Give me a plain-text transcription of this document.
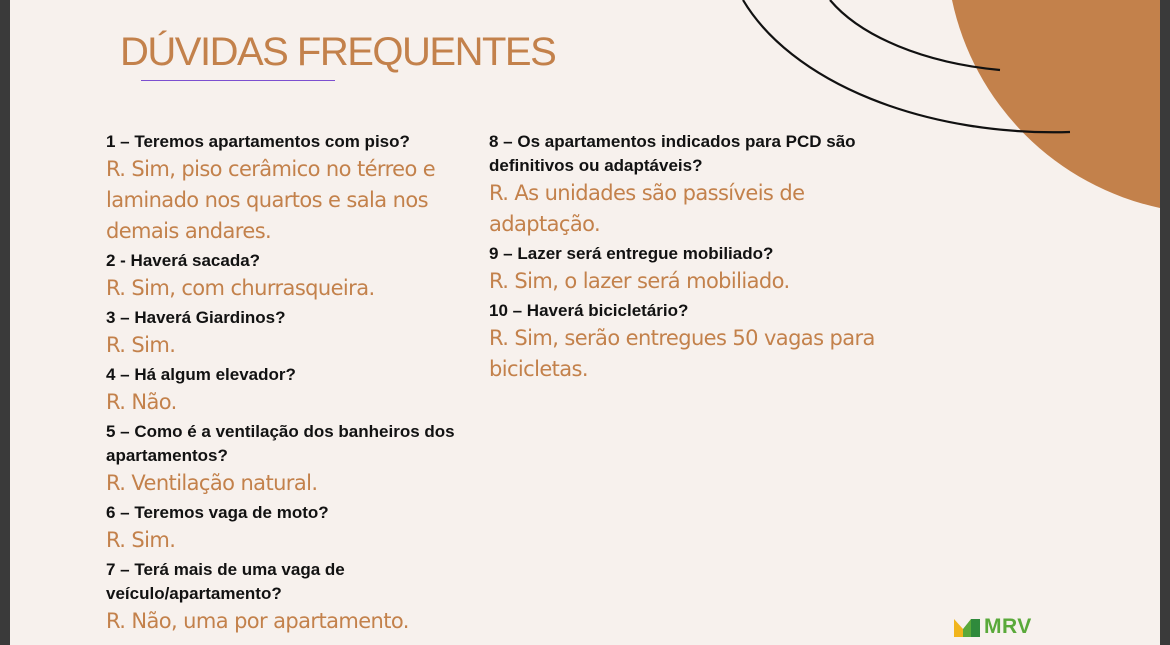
DÚVIDAS FREQUENTES

1 – Teremos apartamentos com piso?

R. Sim, piso cerâmico no térreo e laminado nos quartos e sala nos demais andares.

2 - Haverá sacada?

R. Sim, com churrasqueira.

3 – Haverá Giardinos?

R. Sim.

4 – Há algum elevador?

R. Não.

5 – Como é a ventilação dos banheiros dos apartamentos?

R. Ventilação natural.

6 – Teremos vaga de moto?

R. Sim.

7 – Terá mais de uma vaga de veículo/apartamento?

R. Não, uma por apartamento.

8 – Os apartamentos indicados para PCD são definitivos ou adaptáveis?

R. As unidades são passíveis de adaptação.

9 – Lazer será entregue mobiliado?

R. Sim, o lazer será mobiliado.

10 – Haverá bicicletário?

R. Sim, serão entregues 50 vagas para bicicletas.

MRV
